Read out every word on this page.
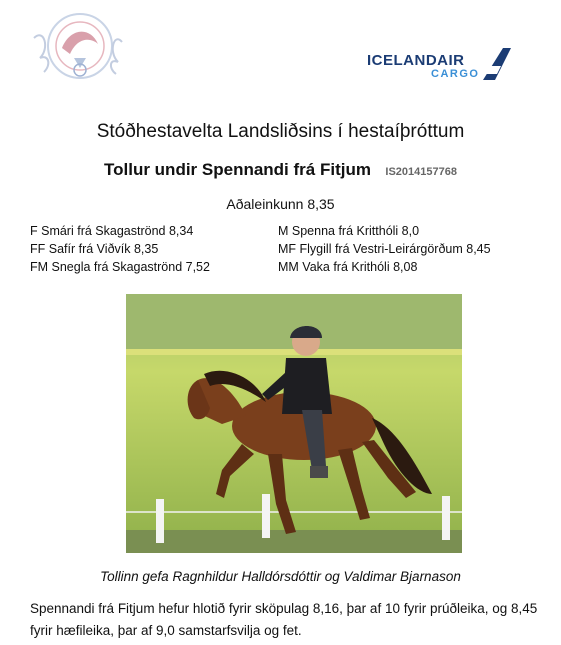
ICELANDAIR
CARGO
Stóðhestavelta Landsliðsins í hestaíþróttum
Tollur undir Spennandi frá Fitjum IS2014157768
Aðaleinkunn 8,35
F Smári frá Skagaströnd 8,34
FF Safír frá Viðvík 8,35
FM Snegla frá Skagaströnd 7,52
M Spenna frá Kritthóli 8,0
MF Flygill frá Vestri-Leirárgörðum 8,45
MM Vaka frá Krithóli 8,08
Tollinn gefa Ragnhildur Halldórsdóttir og Valdimar Bjarnason
Spennandi frá Fitjum hefur hlotið fyrir sköpulag 8,16, þar af 10 fyrir prúðleika, og 8,45 fyrir hæfileika, þar af 9,0 samstarfsvilja og fet.
